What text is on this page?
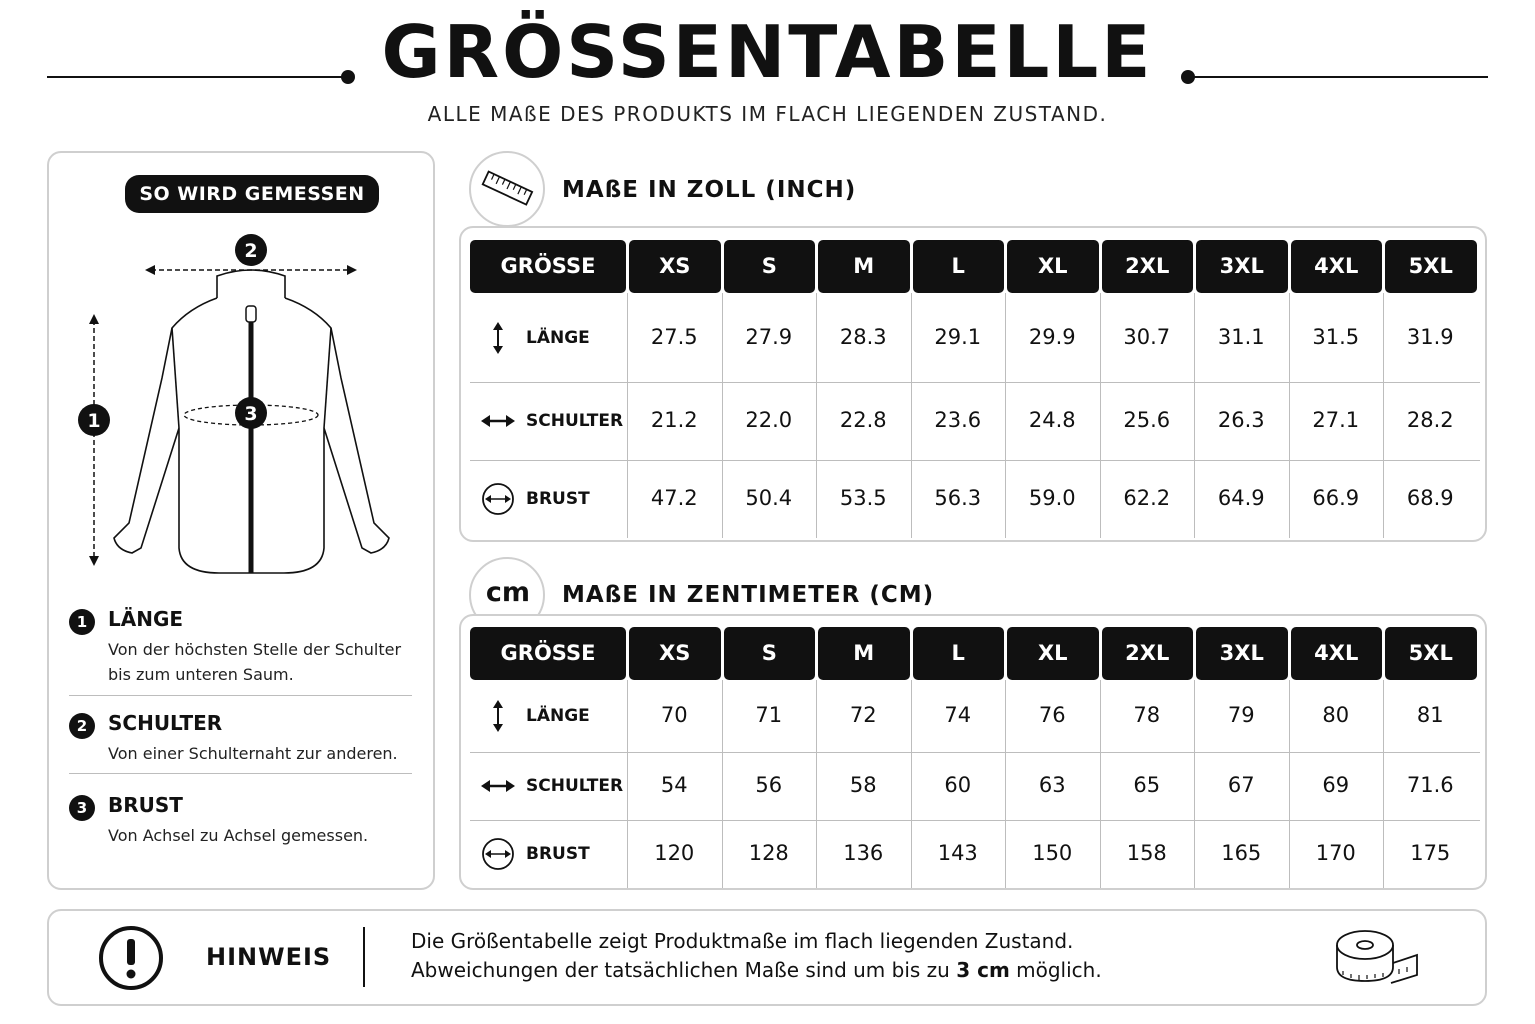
GRÖSSENTABELLE
ALLE MAßE DES PRODUKTS IM FLACH LIEGENDEN ZUSTAND.
SO WIRD GEMESSEN
2
1	3
1	LÄNGE
Von der höchsten Stelle der Schulter
bis zum unteren Saum.
2	SCHULTER
Von einer Schulternaht zur anderen.
3	BRUST
Von Achsel zu Achsel gemessen.
MAßE IN ZOLL (INCH)
GRÖSSE	XS	S	M	L	XL	2XL	3XL	4XL	5XL
LÄNGE	27.5	27.9	28.3	29.1	29.9	30.7	31.1	31.5	31.9
SCHULTER	21.2	22.0	22.8	23.6	24.8	25.6	26.3	27.1	28.2
BRUST	47.2	50.4	53.5	56.3	59.0	62.2	64.9	66.9	68.9
cm	MAßE IN ZENTIMETER (CM)
GRÖSSE	XS	S	M	L	XL	2XL	3XL	4XL	5XL
LÄNGE	70	71	72	74	76	78	79	80	81
SCHULTER	54	56	58	60	63	65	67	69	71.6
BRUST	120	128	136	143	150	158	165	170	175
HINWEIS
Die Größentabelle zeigt Produktmaße im flach liegenden Zustand.
Abweichungen der tatsächlichen Maße sind um bis zu 3 cm möglich.
